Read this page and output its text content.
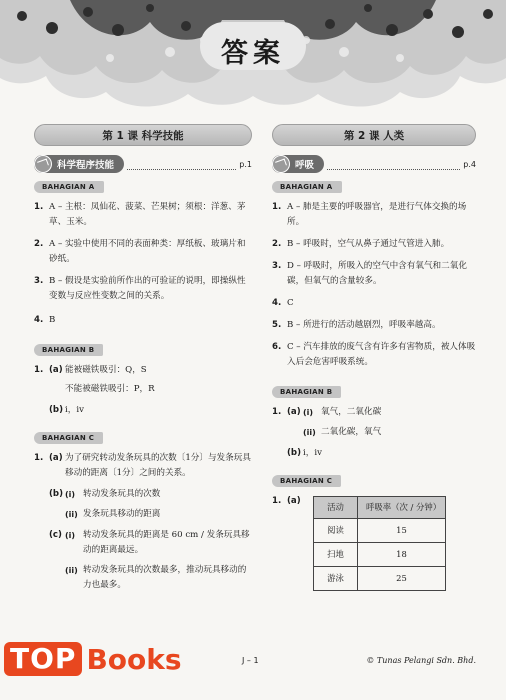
答案
第 1 课 科学技能
科学程序技能	p.1
BAHAGIAN A
1. A – 主根：凤仙花、菠菜、芒果树；须根：洋葱、茅草、玉米。
2. A – 实验中使用不同的表面种类：厚纸板、玻璃片和砂纸。
3. B – 假设是实验前所作出的可验证的说明，即操纵性变数与反应性变数之间的关系。
4. B
BAHAGIAN B
1. (a) 能被磁铁吸引：Q，S
不能被磁铁吸引：P，R
(b) i，iv
BAHAGIAN C
1. (a) 为了研究转动发条玩具的次数〔1分〕与发条玩具移动的距离〔1分〕之间的关系。
(b) (i) 转动发条玩具的次数
(ii) 发条玩具移动的距离
(c) (i) 转动发条玩具的距离是 60 cm / 发条玩具移动的距离最远。
(ii) 转动发条玩具的次数最多，推动玩具移动的力也最多。
第 2 课 人类
呼吸	p.4
BAHAGIAN A
1. A – 肺是主要的呼吸器官，是进行气体交换的场所。
2. B – 呼吸时，空气从鼻子通过气管进入肺。
3. D – 呼吸时，所吸入的空气中含有氧气和二氧化碳，但氧气的含量较多。
4. C
5. B – 所进行的活动越剧烈，呼吸率越高。
6. C – 汽车排放的废气含有许多有害物质，被人体吸入后会危害呼吸系统。
BAHAGIAN B
1. (a) (i) 氧气，二氧化碳
(ii) 二氧化碳，氧气
(b) i，iv
BAHAGIAN C
1. (a)
活动	呼吸率（次 / 分钟）
阅读	15
扫地	18
游泳	25
J – 1	© Tunas Pelangi Sdn. Bhd.
TOP Books
